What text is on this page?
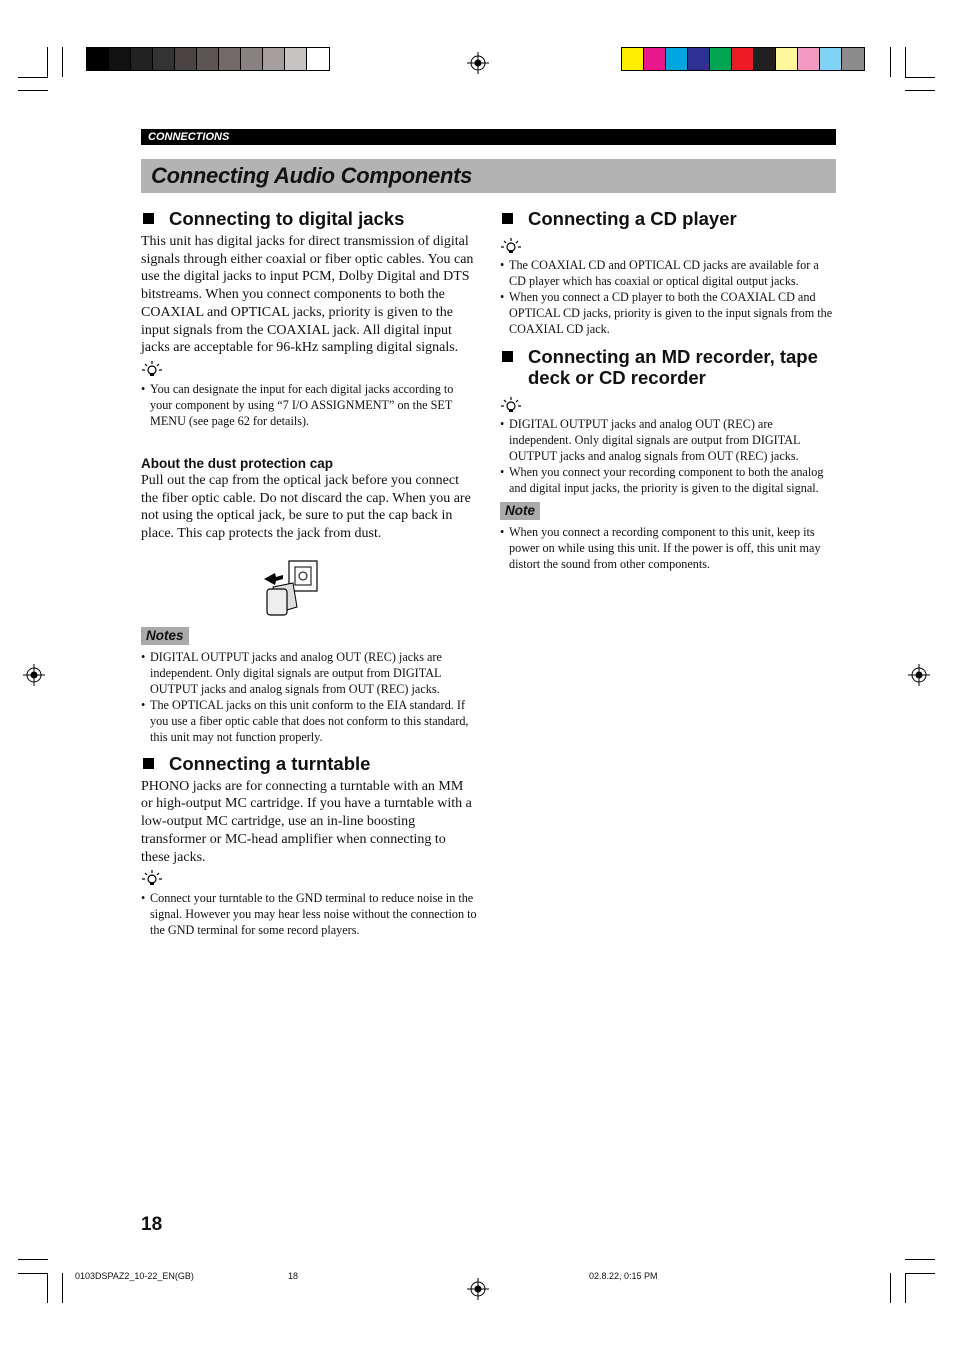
CONNECTIONS
Connecting Audio Components
Connecting to digital jacks

This unit has digital jacks for direct transmission of digital signals through either coaxial or fiber optic cables. You can use the digital jacks to input PCM, Dolby Digital and DTS bitstreams. When you connect components to both the COAXIAL and OPTICAL jacks, priority is given to the input signals from the COAXIAL jack. All digital input jacks are acceptable for 96-kHz sampling digital signals.

• You can designate the input for each digital jacks according to your component by using “7 I/O ASSIGNMENT” on the SET MENU (see page 62 for details).
About the dust protection cap

Pull out the cap from the optical jack before you connect the fiber optic cable. Do not discard the cap. When you are not using the optical jack, be sure to put the cap back in place. This cap protects the jack from dust.

Notes
• DIGITAL OUTPUT jacks and analog OUT (REC) jacks are independent. Only digital signals are output from DIGITAL OUTPUT jacks and analog signals from OUT (REC) jacks.
• The OPTICAL jacks on this unit conform to the EIA standard. If you use a fiber optic cable that does not conform to this standard, this unit may not function properly.
Connecting a turntable

PHONO jacks are for connecting a turntable with an MM or high-output MC cartridge. If you have a turntable with a low-output MC cartridge, use an in-line boosting transformer or MC-head amplifier when connecting to these jacks.

• Connect your turntable to the GND terminal to reduce noise in the signal. However you may hear less noise without the connection to the GND terminal for some record players.
Connecting a CD player
• The COAXIAL CD and OPTICAL CD jacks are available for a CD player which has coaxial or optical digital output jacks.
• When you connect a CD player to both the COAXIAL CD and OPTICAL CD jacks, priority is given to the input signals from the COAXIAL CD jack.
Connecting an MD recorder, tape deck or CD recorder
• DIGITAL OUTPUT jacks and analog OUT (REC) are independent. Only digital signals are output from DIGITAL OUTPUT jacks and analog signals from OUT (REC) jacks.
• When you connect your recording component to both the analog and digital input jacks, the priority is given to the digital signal.
Note
• When you connect a recording component to this unit, keep its power on while using this unit. If the power is off, this unit may distort the sound from other components.
18
0103DSPAZ2_10-22_EN(GB)	18	02.8.22, 0:15 PM
